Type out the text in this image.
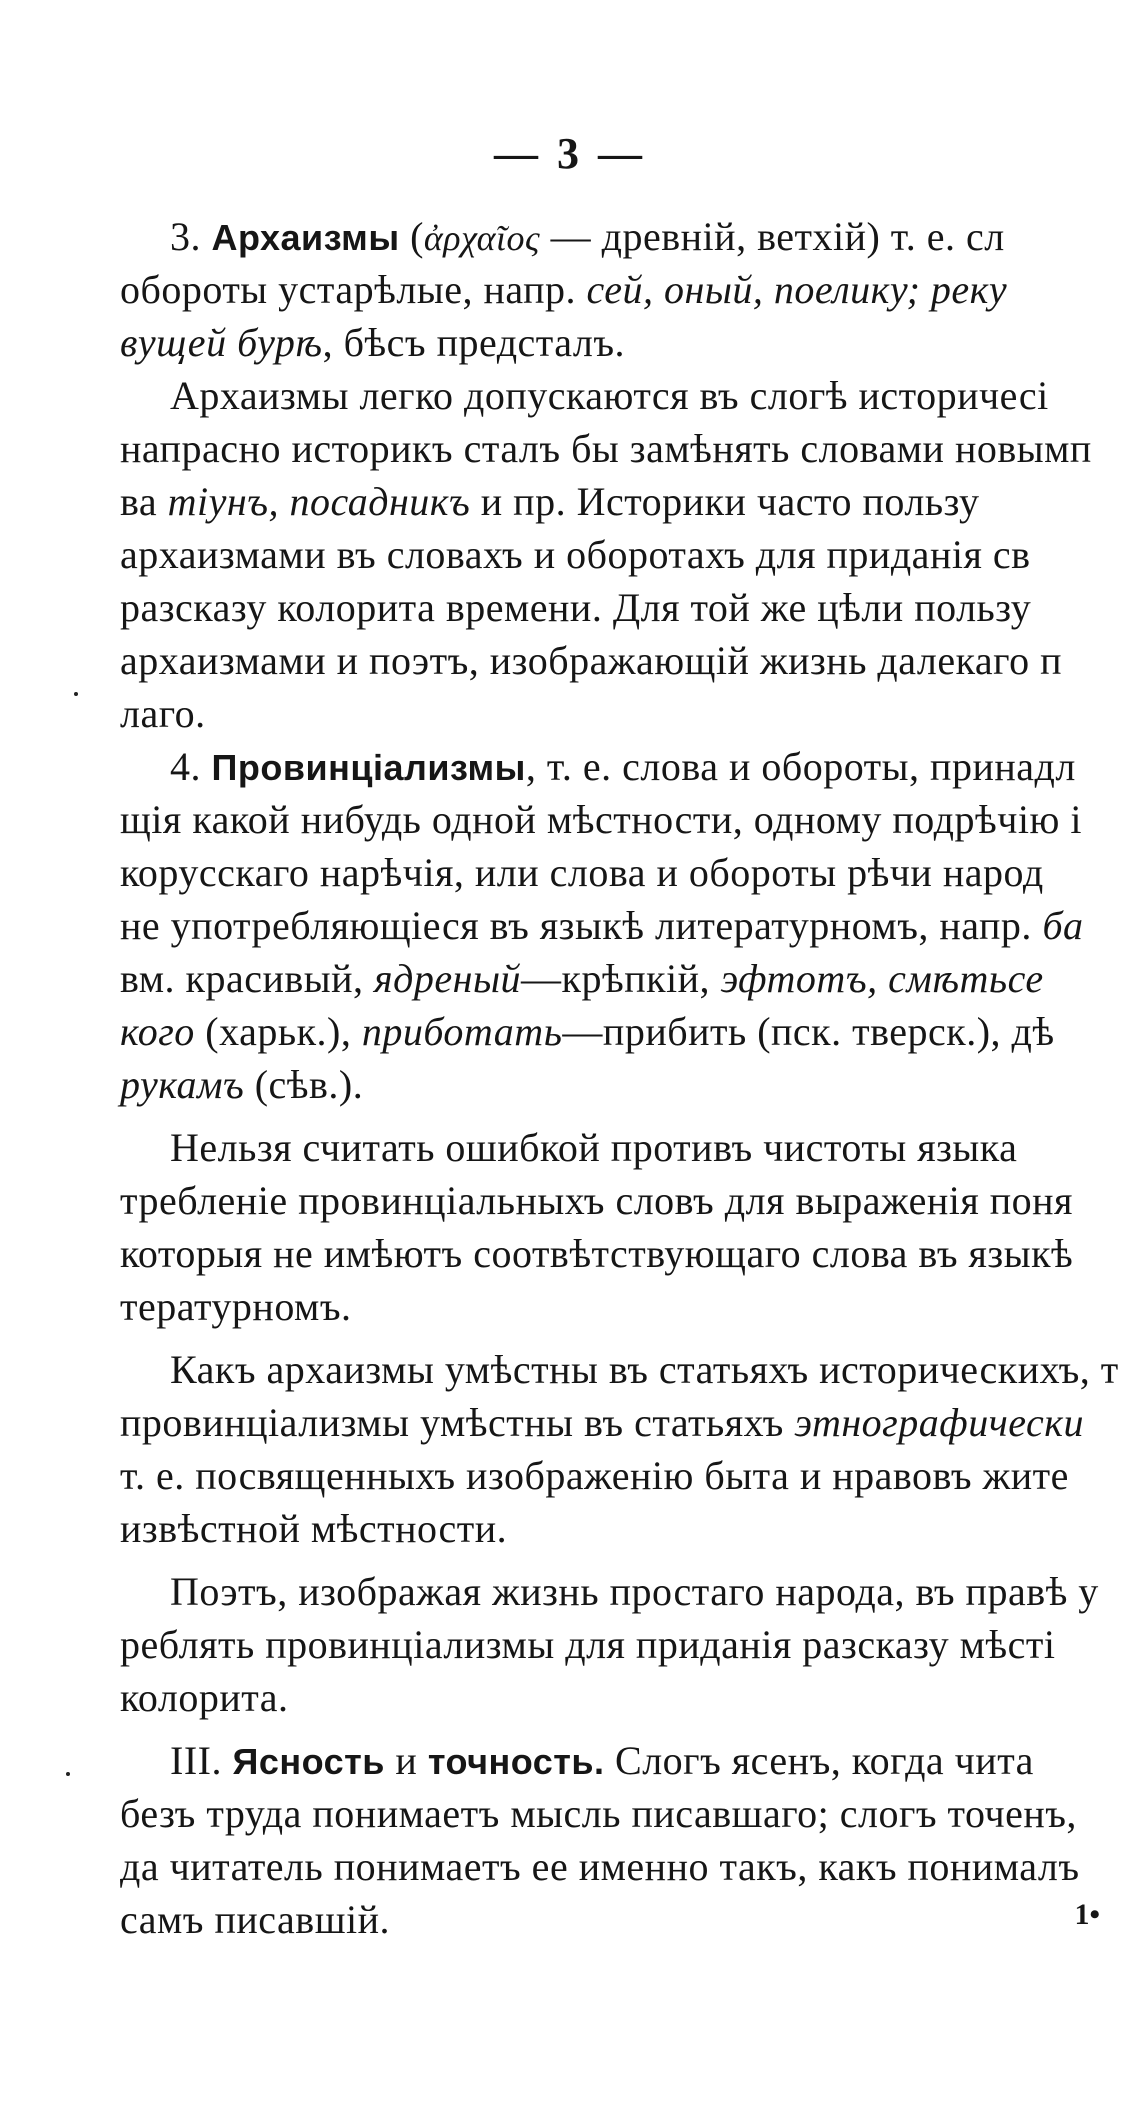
— 3 —
3. Архаизмы (ἀρχαῖος — древній, ветхій) т. е. сл
обороты устарѣлые, напр. сей, оный, поелику; реку
вущей бурѣ, бѣсъ предсталъ.
Архаизмы легко допускаются въ слогѣ историчесі
напрасно историкъ сталъ бы замѣнять словами новымп
ва тіунъ, посадникъ и пр. Историки часто пользу
архаизмами въ словахъ и оборотахъ для приданія св
разсказу колорита времени. Для той же цѣли пользу
архаизмами и поэтъ, изображающій жизнь далекаго п
лаго.
4. Провинціализмы, т. е. слова и обороты, принадл
щія какой нибудь одной мѣстности, одному подрѣчію і
корусскаго нарѣчія, или слова и обороты рѣчи народ
не употребляющіеся въ языкѣ литературномъ, напр. ба
вм. красивый, ядреный—крѣпкій, эфтотъ, смѣтьсе
кого (харьк.), приботать—прибить (пск. тверск.), дѣ
рукамъ (сѣв.).
Нельзя считать ошибкой противъ чистоты языка
требленіе провинціальныхъ словъ для выраженія поня
которыя не имѣютъ соотвѣтствующаго слова въ языкѣ
тературномъ.
Какъ архаизмы умѣстны въ статьяхъ историческихъ, т
провинціализмы умѣстны въ статьяхъ этнографически
т. е. посвященныхъ изображенію быта и нравовъ жите
извѣстной мѣстности.
Поэтъ, изображая жизнь простаго народа, въ правѣ у
реблять провинціализмы для приданія разсказу мѣсті
колорита.
III. Ясность и точность. Слогъ ясенъ, когда чита
безъ труда понимаетъ мысль писавшаго; слогъ точенъ,
да читатель понимаетъ ее именно такъ, какъ понималъ
самъ писавшій.	1•
